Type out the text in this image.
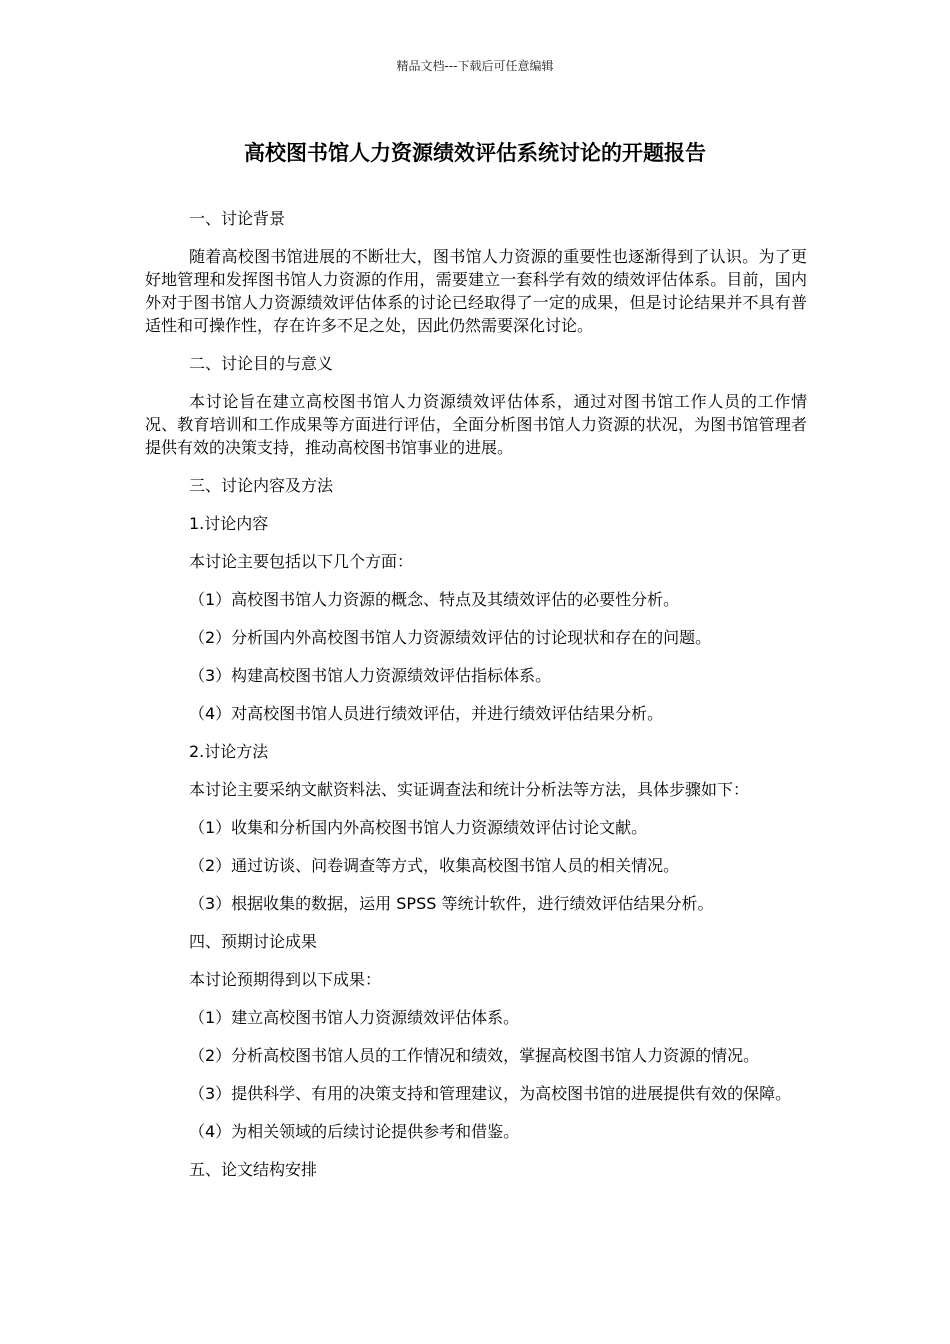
精品文档---下载后可任意编辑
高校图书馆人力资源绩效评估系统讨论的开题报告

一、讨论背景

随着高校图书馆进展的不断壮大，图书馆人力资源的重要性也逐渐得到了认识。为了更好地管理和发挥图书馆人力资源的作用，需要建立一套科学有效的绩效评估体系。目前，国内外对于图书馆人力资源绩效评估体系的讨论已经取得了一定的成果，但是讨论结果并不具有普适性和可操作性，存在许多不足之处，因此仍然需要深化讨论。

二、讨论目的与意义

本讨论旨在建立高校图书馆人力资源绩效评估体系，通过对图书馆工作人员的工作情况、教育培训和工作成果等方面进行评估，全面分析图书馆人力资源的状况，为图书馆管理者提供有效的决策支持，推动高校图书馆事业的进展。

三、讨论内容及方法

1.讨论内容

本讨论主要包括以下几个方面：

（1）高校图书馆人力资源的概念、特点及其绩效评估的必要性分析。

（2）分析国内外高校图书馆人力资源绩效评估的讨论现状和存在的问题。

（3）构建高校图书馆人力资源绩效评估指标体系。

（4）对高校图书馆人员进行绩效评估，并进行绩效评估结果分析。

2.讨论方法

本讨论主要采纳文献资料法、实证调查法和统计分析法等方法，具体步骤如下：

（1）收集和分析国内外高校图书馆人力资源绩效评估讨论文献。

（2）通过访谈、问卷调查等方式，收集高校图书馆人员的相关情况。

（3）根据收集的数据，运用 SPSS 等统计软件，进行绩效评估结果分析。

四、预期讨论成果

本讨论预期得到以下成果：

（1）建立高校图书馆人力资源绩效评估体系。

（2）分析高校图书馆人员的工作情况和绩效，掌握高校图书馆人力资源的情况。

（3）提供科学、有用的决策支持和管理建议，为高校图书馆的进展提供有效的保障。

（4）为相关领域的后续讨论提供参考和借鉴。

五、论文结构安排
